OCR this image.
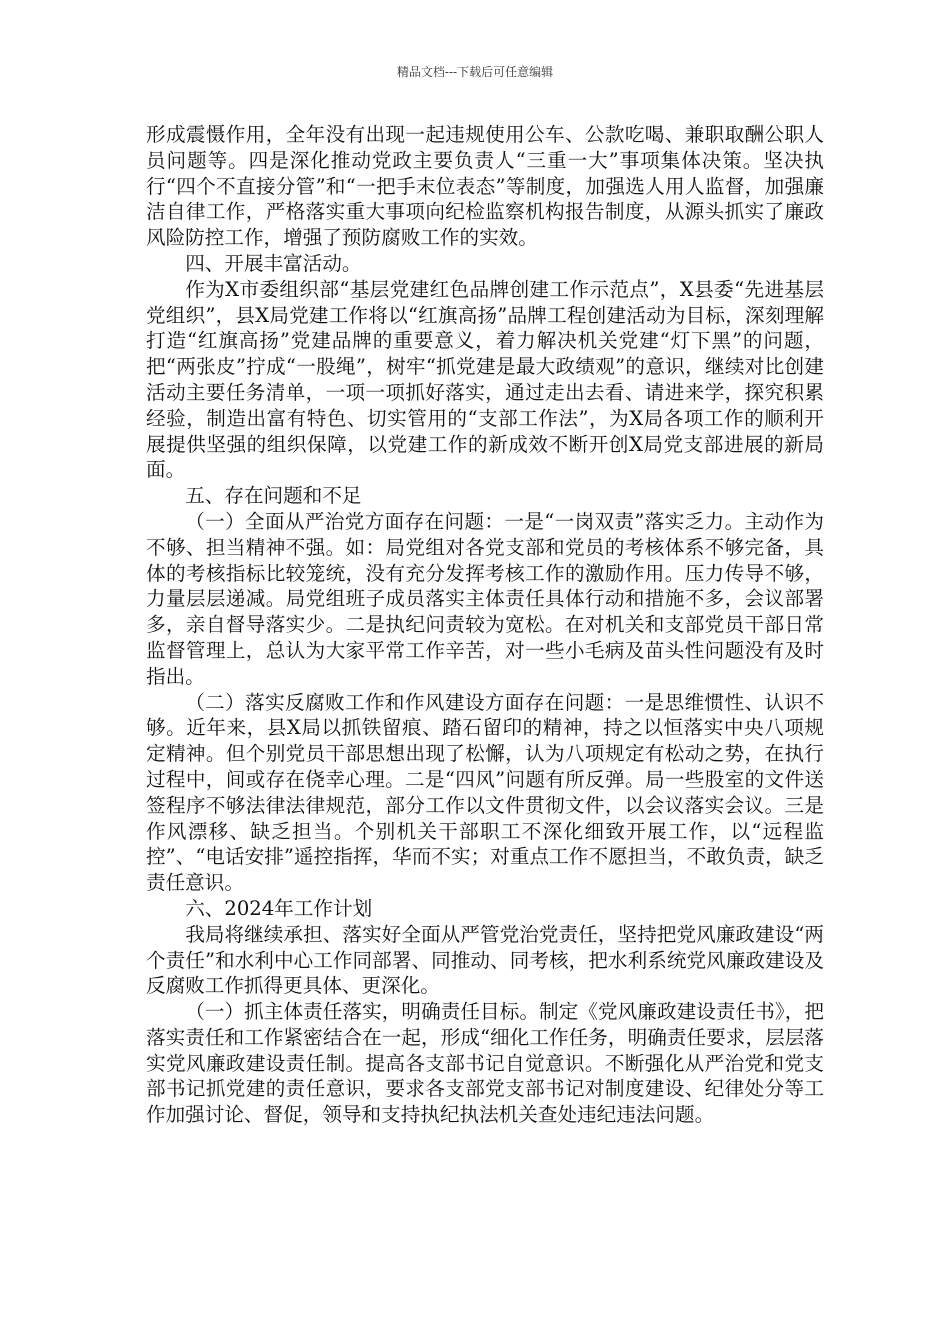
精品文档---下载后可任意编辑

形成震慑作用，全年没有出现一起违规使用公车、公款吃喝、兼职取酬公职人员问题等。四是深化推动党政主要负责人“三重一大”事项集体决策。坚决执行“四个不直接分管”和“一把手末位表态”等制度，加强选人用人监督，加强廉洁自律工作，严格落实重大事项向纪检监察机构报告制度，从源头抓实了廉政风险防控工作，增强了预防腐败工作的实效。

四、开展丰富活动。

作为X市委组织部“基层党建红色品牌创建工作示范点”，X县委“先进基层党组织”，县X局党建工作将以“红旗高扬”品牌工程创建活动为目标，深刻理解打造“红旗高扬”党建品牌的重要意义，着力解决机关党建“灯下黑”的问题，把“两张皮”拧成“一股绳”，树牢“抓党建是最大政绩观”的意识，继续对比创建活动主要任务清单，一项一项抓好落实，通过走出去看、请进来学，探究积累经验，制造出富有特色、切实管用的“支部工作法”，为X局各项工作的顺利开展提供坚强的组织保障，以党建工作的新成效不断开创X局党支部进展的新局面。

五、存在问题和不足

（一）全面从严治党方面存在问题：一是“一岗双责”落实乏力。主动作为不够、担当精神不强。如：局党组对各党支部和党员的考核体系不够完备，具体的考核指标比较笼统，没有充分发挥考核工作的激励作用。压力传导不够，力量层层递减。局党组班子成员落实主体责任具体行动和措施不多，会议部署多，亲自督导落实少。二是执纪问责较为宽松。在对机关和支部党员干部日常监督管理上，总认为大家平常工作辛苦，对一些小毛病及苗头性问题没有及时指出。

（二）落实反腐败工作和作风建设方面存在问题：一是思维惯性、认识不够。近年来，县X局以抓铁留痕、踏石留印的精神，持之以恒落实中央八项规定精神。但个别党员干部思想出现了松懈，认为八项规定有松动之势，在执行过程中，间或存在侥幸心理。二是“四风”问题有所反弹。局一些股室的文件送签程序不够法律法律规范，部分工作以文件贯彻文件，以会议落实会议。三是作风漂移、缺乏担当。个别机关干部职工不深化细致开展工作，以“远程监控”、“电话安排”遥控指挥，华而不实；对重点工作不愿担当，不敢负责，缺乏责任意识。

六、2024年工作计划

我局将继续承担、落实好全面从严管党治党责任，坚持把党风廉政建设“两个责任”和水利中心工作同部署、同推动、同考核，把水利系统党风廉政建设及反腐败工作抓得更具体、更深化。

（一）抓主体责任落实，明确责任目标。制定《党风廉政建设责任书》，把落实责任和工作紧密结合在一起，形成“细化工作任务，明确责任要求，层层落实党风廉政建设责任制。提高各支部书记自觉意识。不断强化从严治党和党支部书记抓党建的责任意识，要求各支部党支部书记对制度建设、纪律处分等工作加强讨论、督促，领导和支持执纪执法机关查处违纪违法问题。
